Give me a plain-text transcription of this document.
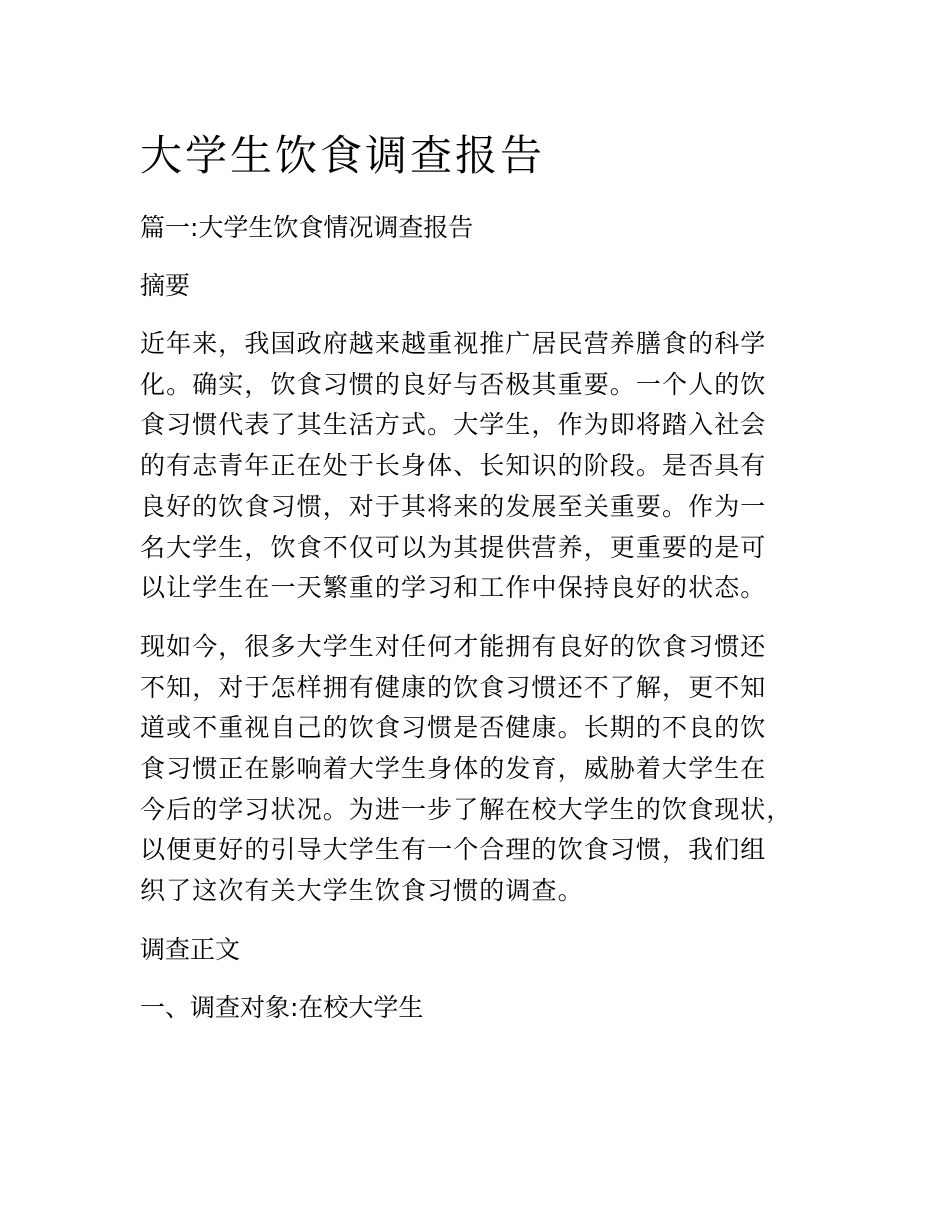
大学生饮食调查报告
篇一:大学生饮食情况调查报告
摘要

近年来，我国政府越来越重视推广居民营养膳食的科学
化。确实，饮食习惯的良好与否极其重要。一个人的饮
食习惯代表了其生活方式。大学生，作为即将踏入社会
的有志青年正在处于长身体、长知识的阶段。是否具有
良好的饮食习惯，对于其将来的发展至关重要。作为一
名大学生，饮食不仅可以为其提供营养，更重要的是可
以让学生在一天繁重的学习和工作中保持良好的状态。

现如今，很多大学生对任何才能拥有良好的饮食习惯还
不知，对于怎样拥有健康的饮食习惯还不了解，更不知
道或不重视自己的饮食习惯是否健康。长期的不良的饮
食习惯正在影响着大学生身体的发育，威胁着大学生在
今后的学习状况。为进一步了解在校大学生的饮食现状，
以便更好的引导大学生有一个合理的饮食习惯，我们组
织了这次有关大学生饮食习惯的调查。

调查正文
一、调查对象:在校大学生
